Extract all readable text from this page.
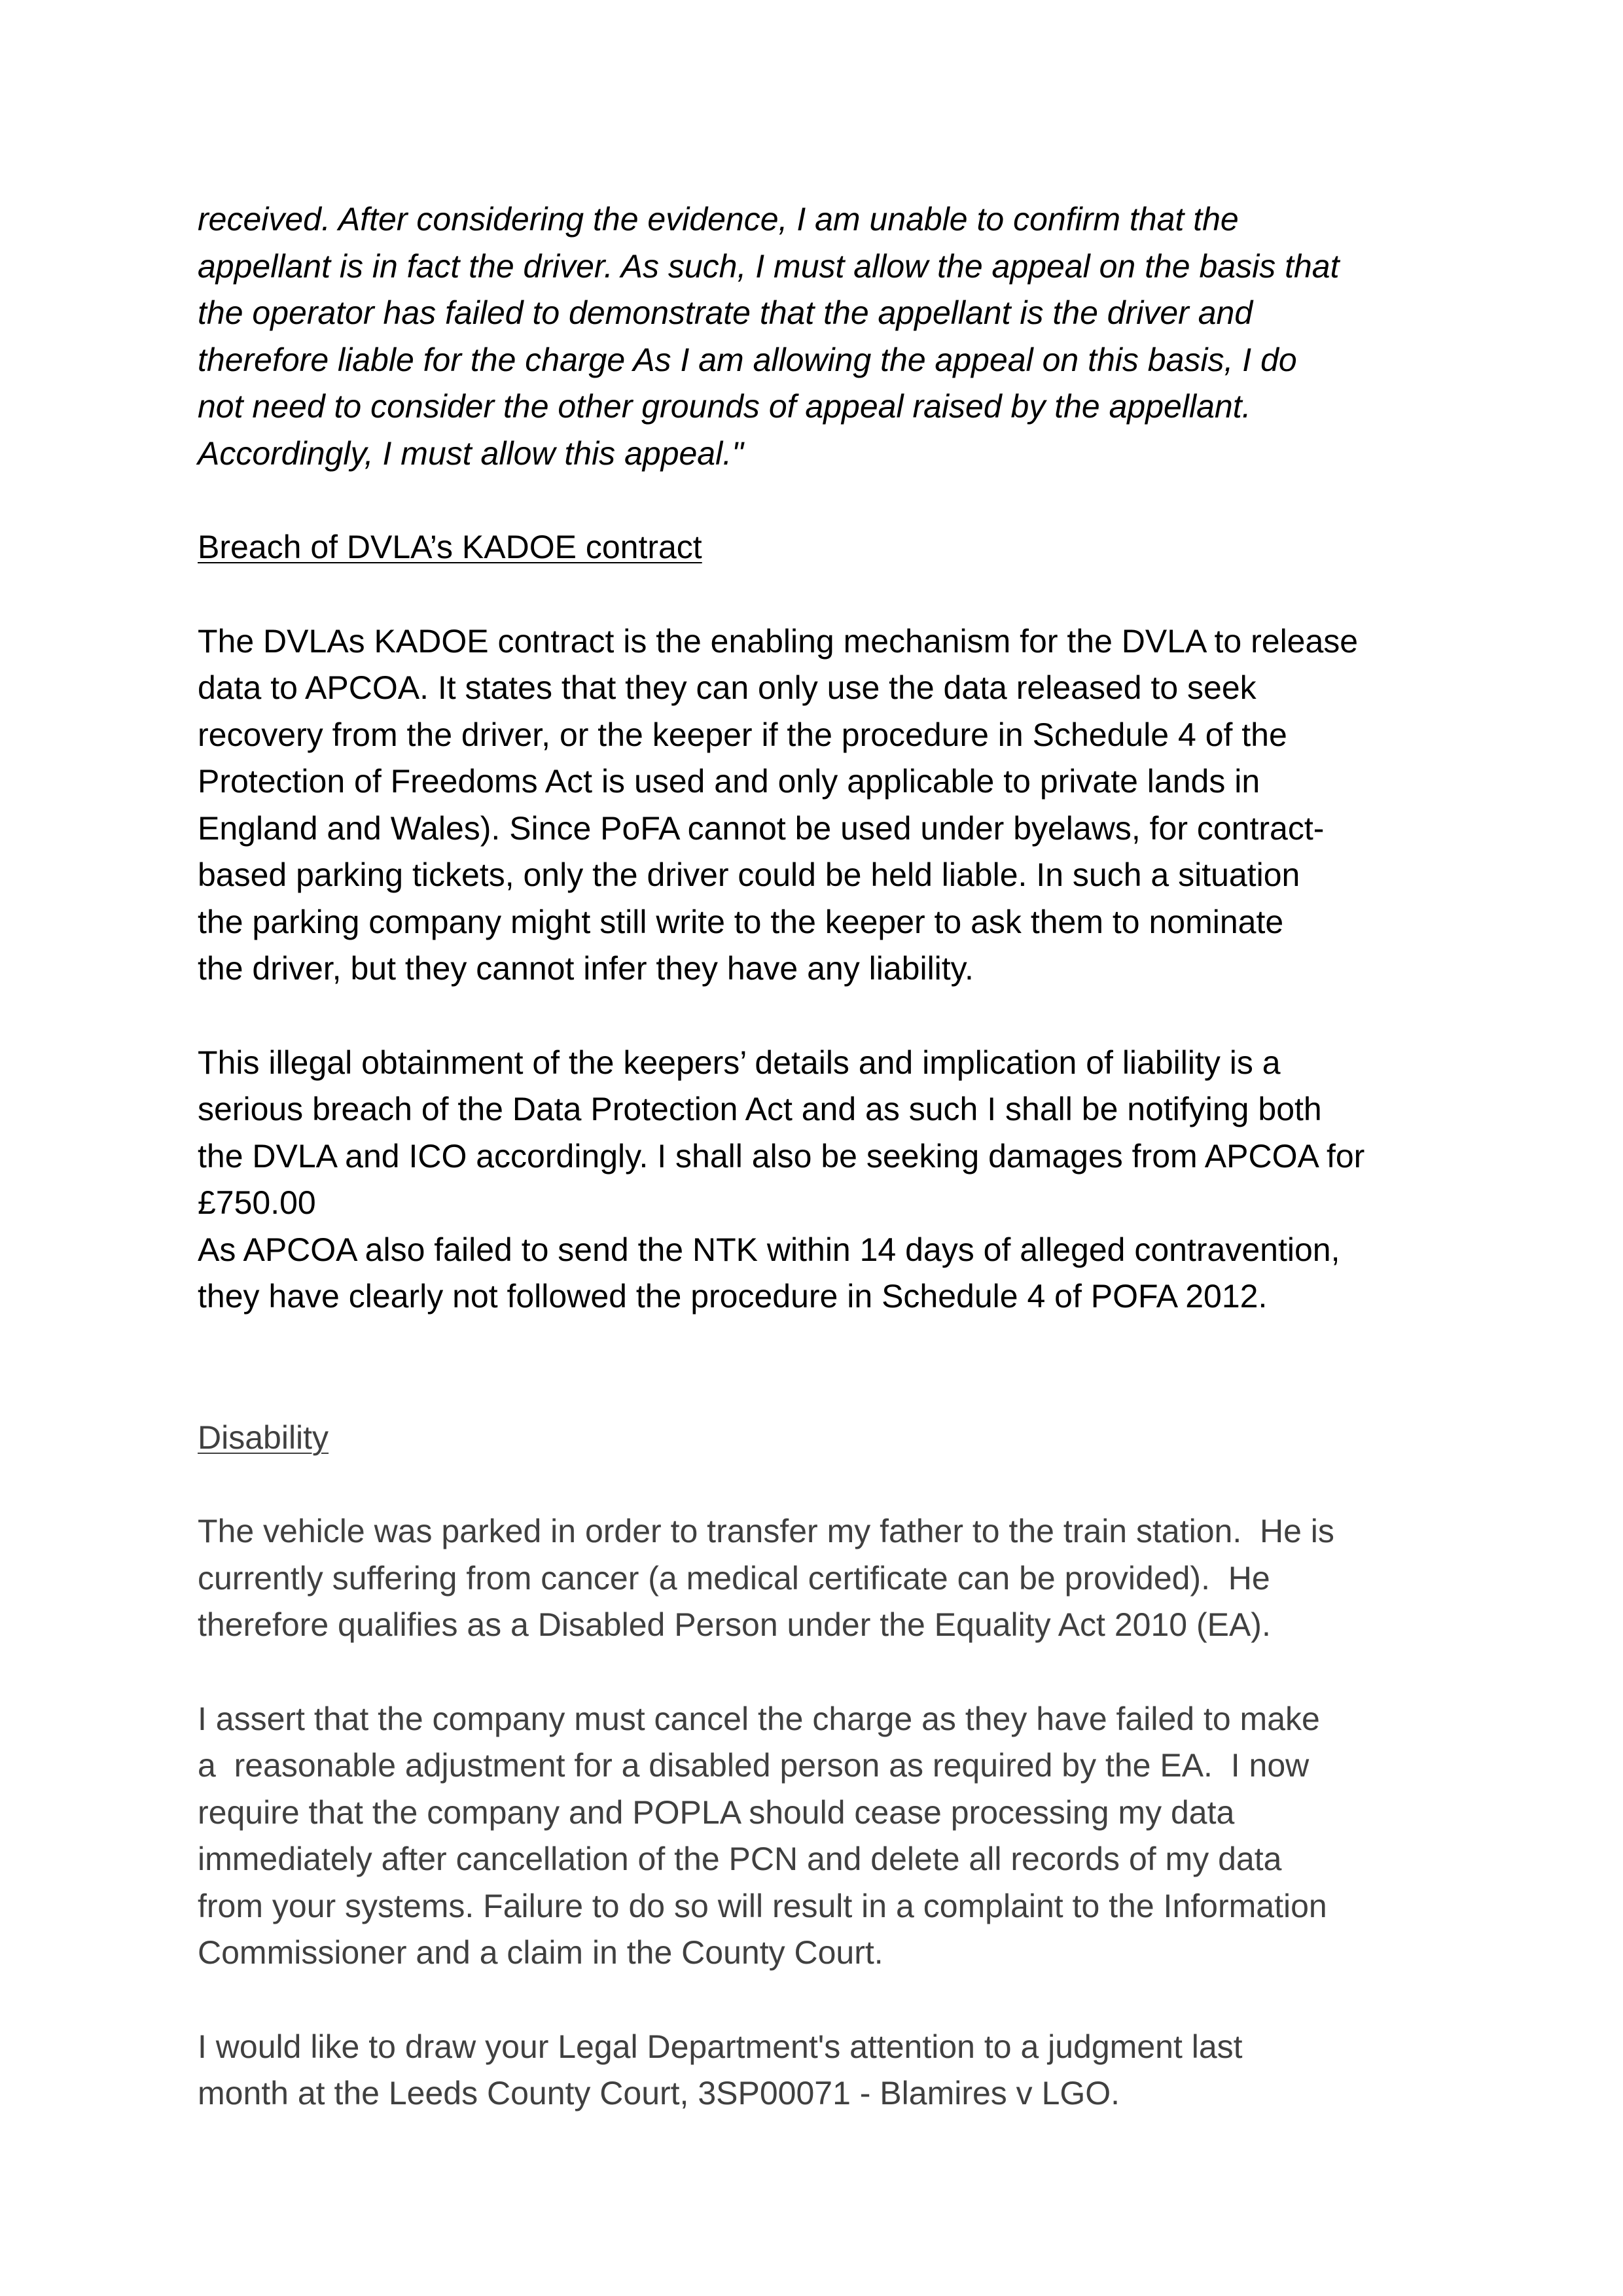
received. After considering the evidence, I am unable to confirm that the

appellant is in fact the driver. As such, I must allow the appeal on the basis that

the operator has failed to demonstrate that the appellant is the driver and

therefore liable for the charge As I am allowing the appeal on this basis, I do

not need to consider the other grounds of appeal raised by the appellant.

Accordingly, I must allow this appeal."

Breach of DVLA’s KADOE contract

The DVLAs KADOE contract is the enabling mechanism for the DVLA to release

data to APCOA. It states that they can only use the data released to seek

recovery from the driver, or the keeper if the procedure in Schedule 4 of the

Protection of Freedoms Act is used and only applicable to private lands in

England and Wales). Since PoFA cannot be used under byelaws, for contract-

based parking tickets, only the driver could be held liable. In such a situation

the parking company might still write to the keeper to ask them to nominate

the driver, but they cannot infer they have any liability.

This illegal obtainment of the keepers’ details and implication of liability is a

serious breach of the Data Protection Act and as such I shall be notifying both

the DVLA and ICO accordingly. I shall also be seeking damages from APCOA for

£750.00

As APCOA also failed to send the NTK within 14 days of alleged contravention,

they have clearly not followed the procedure in Schedule 4 of POFA 2012.

Disability

The vehicle was parked in order to transfer my father to the train station.  He is

currently suffering from cancer (a medical certificate can be provided).  He

therefore qualifies as a Disabled Person under the Equality Act 2010 (EA).

I assert that the company must cancel the charge as they have failed to make

a  reasonable adjustment for a disabled person as required by the EA.  I now

require that the company and POPLA should cease processing my data

immediately after cancellation of the PCN and delete all records of my data

from your systems. Failure to do so will result in a complaint to the Information

Commissioner and a claim in the County Court.

I would like to draw your Legal Department's attention to a judgment last

month at the Leeds County Court, 3SP00071 - Blamires v LGO.
